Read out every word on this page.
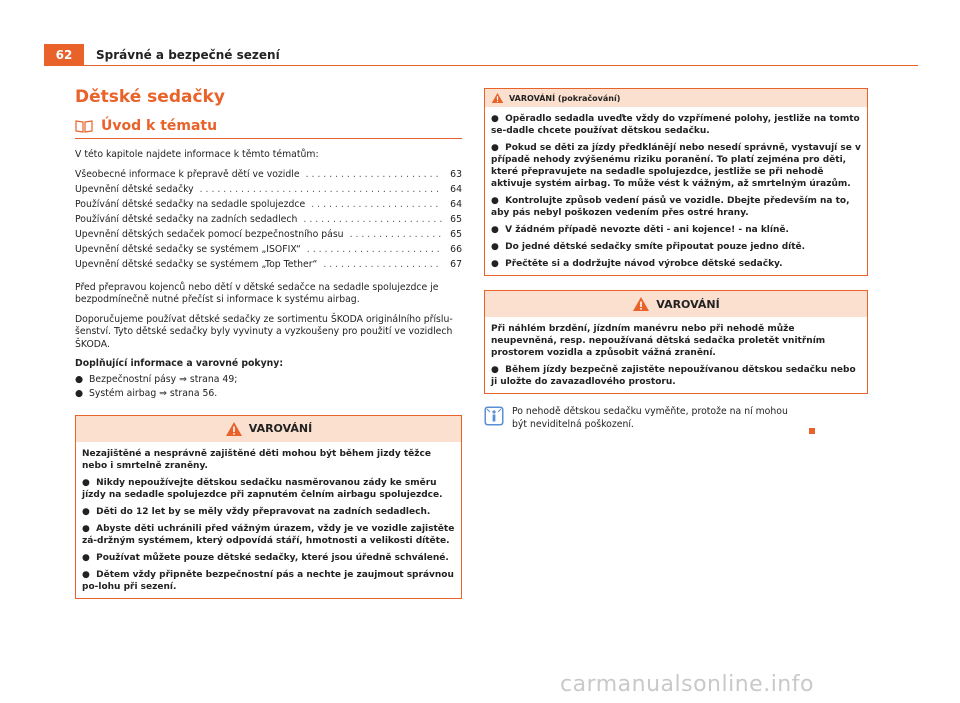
62	Správné a bezpečné sezení
Dětské sedačky
Úvod k tématu
V této kapitole najdete informace k těmto tématům:
Všeobecné informace k přepravě dětí ve vozidle . . .	63
Upevnění dětské sedačky . . .	64
Používání dětské sedačky na sedadle spolujezdce . . .	64
Používání dětské sedačky na zadních sedadlech . . .	65
Upevnění dětských sedaček pomocí bezpečnostního pásu . . .	65
Upevnění dětské sedačky se systémem „ISOFIX“ . . .	66
Upevnění dětské sedačky se systémem „Top Tether“ . . .	67
Před přepravou kojenců nebo dětí v dětské sedačce na sedadle spolujezdce je bezpodmínečně nutné přečíst si informace k systému airbag.
Doporučujeme používat dětské sedačky ze sortimentu ŠKODA originálního příslu-šenství. Tyto dětské sedačky byly vyvinuty a vyzkoušeny pro použití ve vozidlech ŠKODA.
Doplňující informace a varovné pokyny:
● Bezpečnostní pásy ⇒ strana 49;
● Systém airbag ⇒ strana 56.
VAROVÁNÍ
Nezajištěné a nesprávně zajištěné děti mohou být během jizdy těžce nebo i smrtelně zraněny.
●  Nikdy nepoužívejte dětskou sedačku nasměrovanou zády ke směru jízdy na sedadle spolujezdce při zapnutém čelním airbagu spolujezdce.
●  Děti do 12 let by se měly vždy přepravovat na zadních sedadlech.
●  Abyste děti uchránili před vážným úrazem, vždy je ve vozidle zajistěte zá-držným systémem, který odpovídá stáří, hmotnosti a velikosti dítěte.
●  Používat můžete pouze dětské sedačky, které jsou úředně schválené.
●  Dětem vždy připněte bezpečnostní pás a nechte je zaujmout správnou po-lohu při sezení.
VAROVÁNÍ (pokračování)
●  Opěradlo sedadla uveďte vždy do vzpřímené polohy, jestliže na tomto se-dadle chcete používat dětskou sedačku.
●  Pokud se děti za jízdy předklánějí nebo nesedí správně, vystavují se v případě nehody zvýšenému riziku poranění. To platí zejména pro děti, které přepravujete na sedadle spolujezdce, jestliže se při nehodě aktivuje systém airbag. To může vést k vážným, až smrtelným úrazům.
●  Kontrolujte způsob vedení pásů ve vozidle. Dbejte především na to, aby pás nebyl poškozen vedením přes ostré hrany.
●  V žádném případě nevozte děti - ani kojence! - na klíně.
●  Do jedné dětské sedačky smíte připoutat pouze jedno dítě.
●  Přečtěte si a dodržujte návod výrobce dětské sedačky.
VAROVÁNÍ
Při náhlém brzdění, jízdním manévru nebo při nehodě může neupevněná, resp. nepoužívaná dětská sedačka proletět vnitřním prostorem vozidla a způsobit vážná zranění.
●  Během jízdy bezpečně zajistěte nepoužívanou dětskou sedačku nebo ji uložte do zavazadlového prostoru.
Po nehodě dětskou sedačku vyměňte, protože na ní mohou být neviditelná poškození.
carmanualsonline.info
